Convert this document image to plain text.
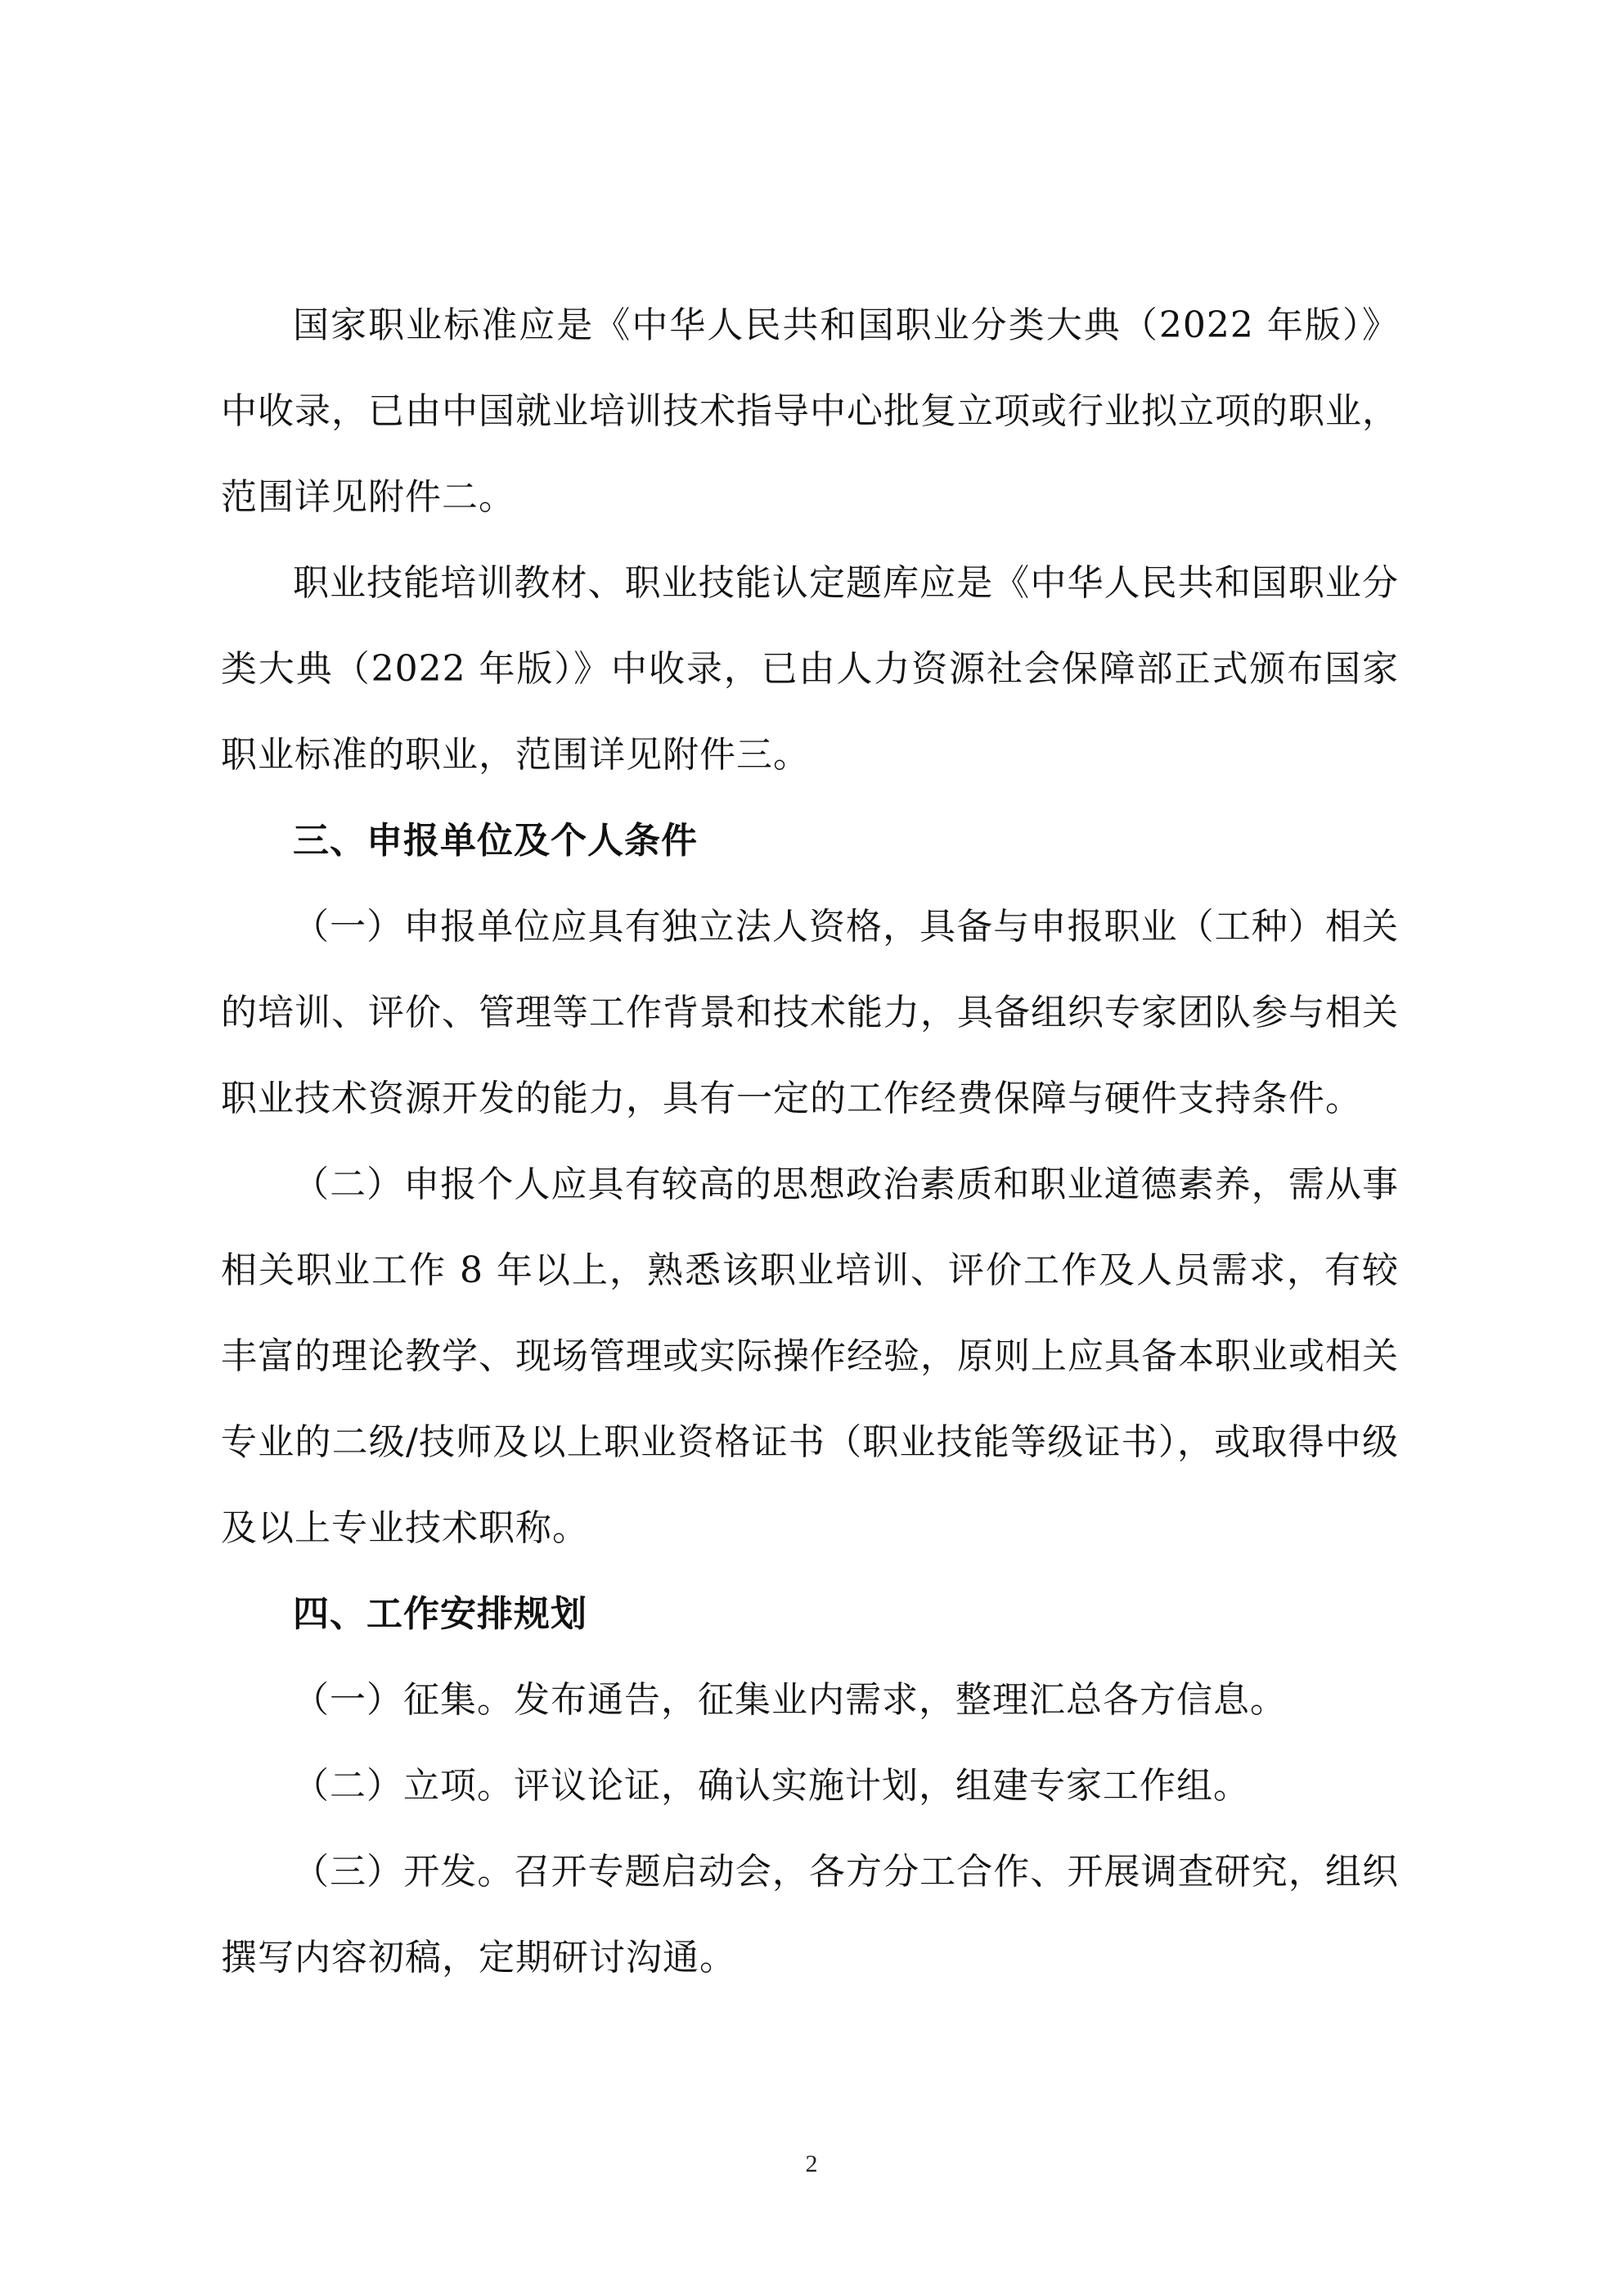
国家职业标准应是《中华人民共和国职业分类大典（2022 年版）》中收录，已由中国就业培训技术指导中心批复立项或行业拟立项的职业，范围详见附件二。

职业技能培训教材、职业技能认定题库应是《中华人民共和国职业分类大典（2022 年版）》中收录，已由人力资源社会保障部正式颁布国家职业标准的职业，范围详见附件三。

三、申报单位及个人条件

（一）申报单位应具有独立法人资格，具备与申报职业（工种）相关的培训、评价、管理等工作背景和技术能力，具备组织专家团队参与相关职业技术资源开发的能力，具有一定的工作经费保障与硬件支持条件。

（二）申报个人应具有较高的思想政治素质和职业道德素养，需从事相关职业工作 8 年以上，熟悉该职业培训、评价工作及人员需求，有较丰富的理论教学、现场管理或实际操作经验，原则上应具备本职业或相关专业的二级/技师及以上职业资格证书（职业技能等级证书），或取得中级及以上专业技术职称。

四、工作安排规划

（一）征集。发布通告，征集业内需求，整理汇总各方信息。

（二）立项。评议论证，确认实施计划，组建专家工作组。

（三）开发。召开专题启动会，各方分工合作、开展调查研究，组织撰写内容初稿，定期研讨沟通。

2
